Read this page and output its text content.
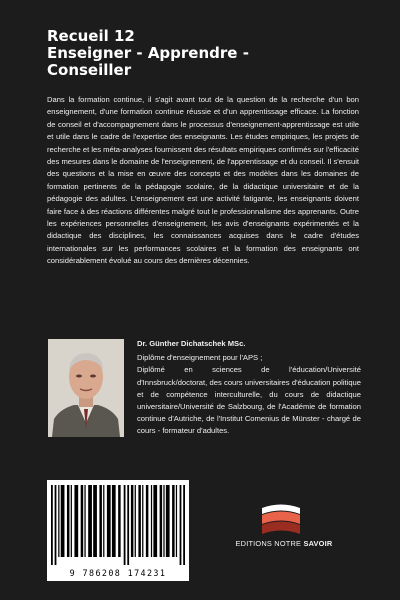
Recueil 12
Enseigner - Apprendre -
Conseiller

Dans la formation continue, il s'agit avant tout de la question de la recherche d'un bon enseignement, d'une formation continue réussie et d'un apprentissage efficace. La fonction de conseil et d'accompagnement dans le processus d'enseignement-apprentissage est utile et utile dans le cadre de l'expertise des enseignants. Les études empiriques, les projets de recherche et les méta-analyses fournissent des résultats empiriques confirmés sur l'efficacité des mesures dans le domaine de l'enseignement, de l'apprentissage et du conseil. Il s'ensuit des questions et la mise en œuvre des concepts et des modèles dans les domaines de formation pertinents de la pédagogie scolaire, de la didactique universitaire et de la pédagogie des adultes. L'enseignement est une activité fatigante, les enseignants doivent faire face à des réactions différentes malgré tout le professionnalisme des apprenants. Outre les expériences personnelles d'enseignement, les avis d'enseignants expérimentés et la didactique des disciplines, les connaissances acquises dans le cadre d'études internationales sur les performances scolaires et la formation des enseignants ont considérablement évolué au cours des dernières décennies.

Dr. Günther Dichatschek MSc.

Diplôme d'enseignement pour l'APS ;

Diplômé en sciences de l'éducation/Université d'Innsbruck/doctorat, des cours universitaires d'éducation politique et de compétence interculturelle, du cours de didactique universitaire/Université de Salzbourg, de l'Académie de formation continue d'Autriche, de l'Institut Comenius de Münster - chargé de cours - formateur d'adultes.

9 786208 174231
EDITIONS NOTRE SAVOIR
